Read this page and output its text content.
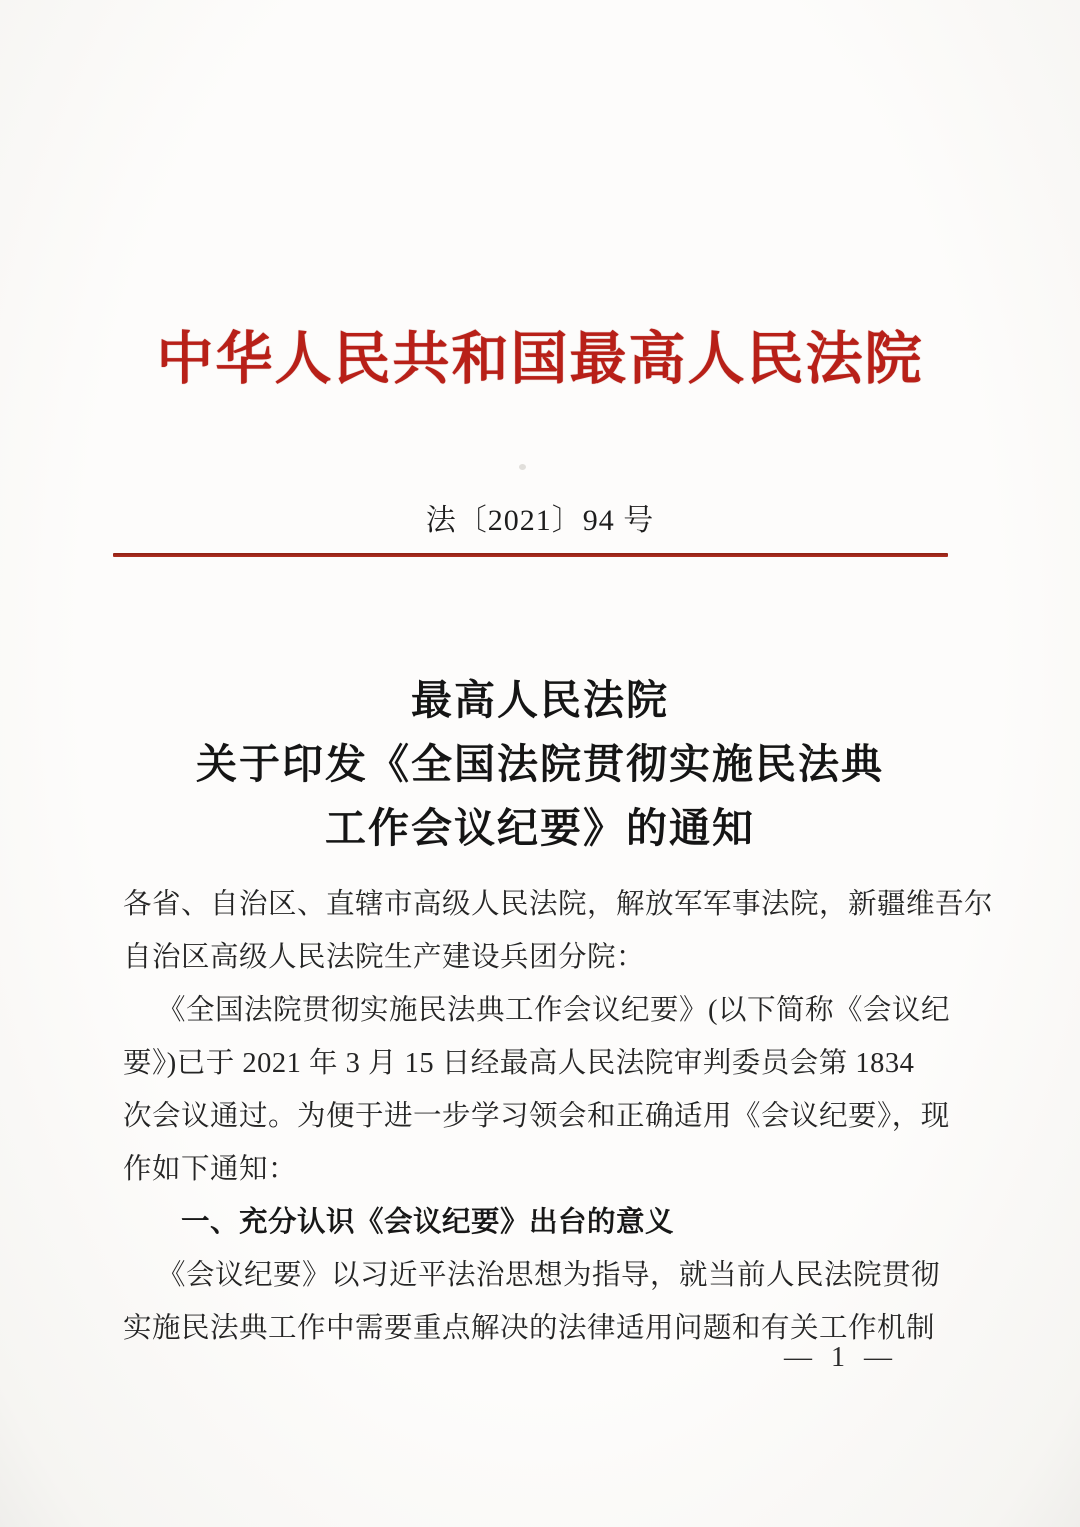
中华人民共和国最高人民法院
法〔2021〕94 号
最高人民法院
关于印发《全国法院贯彻实施民法典
工作会议纪要》的通知
各省、自治区、直辖市高级人民法院，解放军军事法院，新疆维吾尔
自治区高级人民法院生产建设兵团分院：
《全国法院贯彻实施民法典工作会议纪要》(以下简称《会议纪
要》)已于 2021 年 3 月 15 日经最高人民法院审判委员会第 1834
次会议通过。为便于进一步学习领会和正确适用《会议纪要》，现
作如下通知：
一、充分认识《会议纪要》出台的意义
《会议纪要》以习近平法治思想为指导，就当前人民法院贯彻
实施民法典工作中需要重点解决的法律适用问题和有关工作机制
— 1 —
